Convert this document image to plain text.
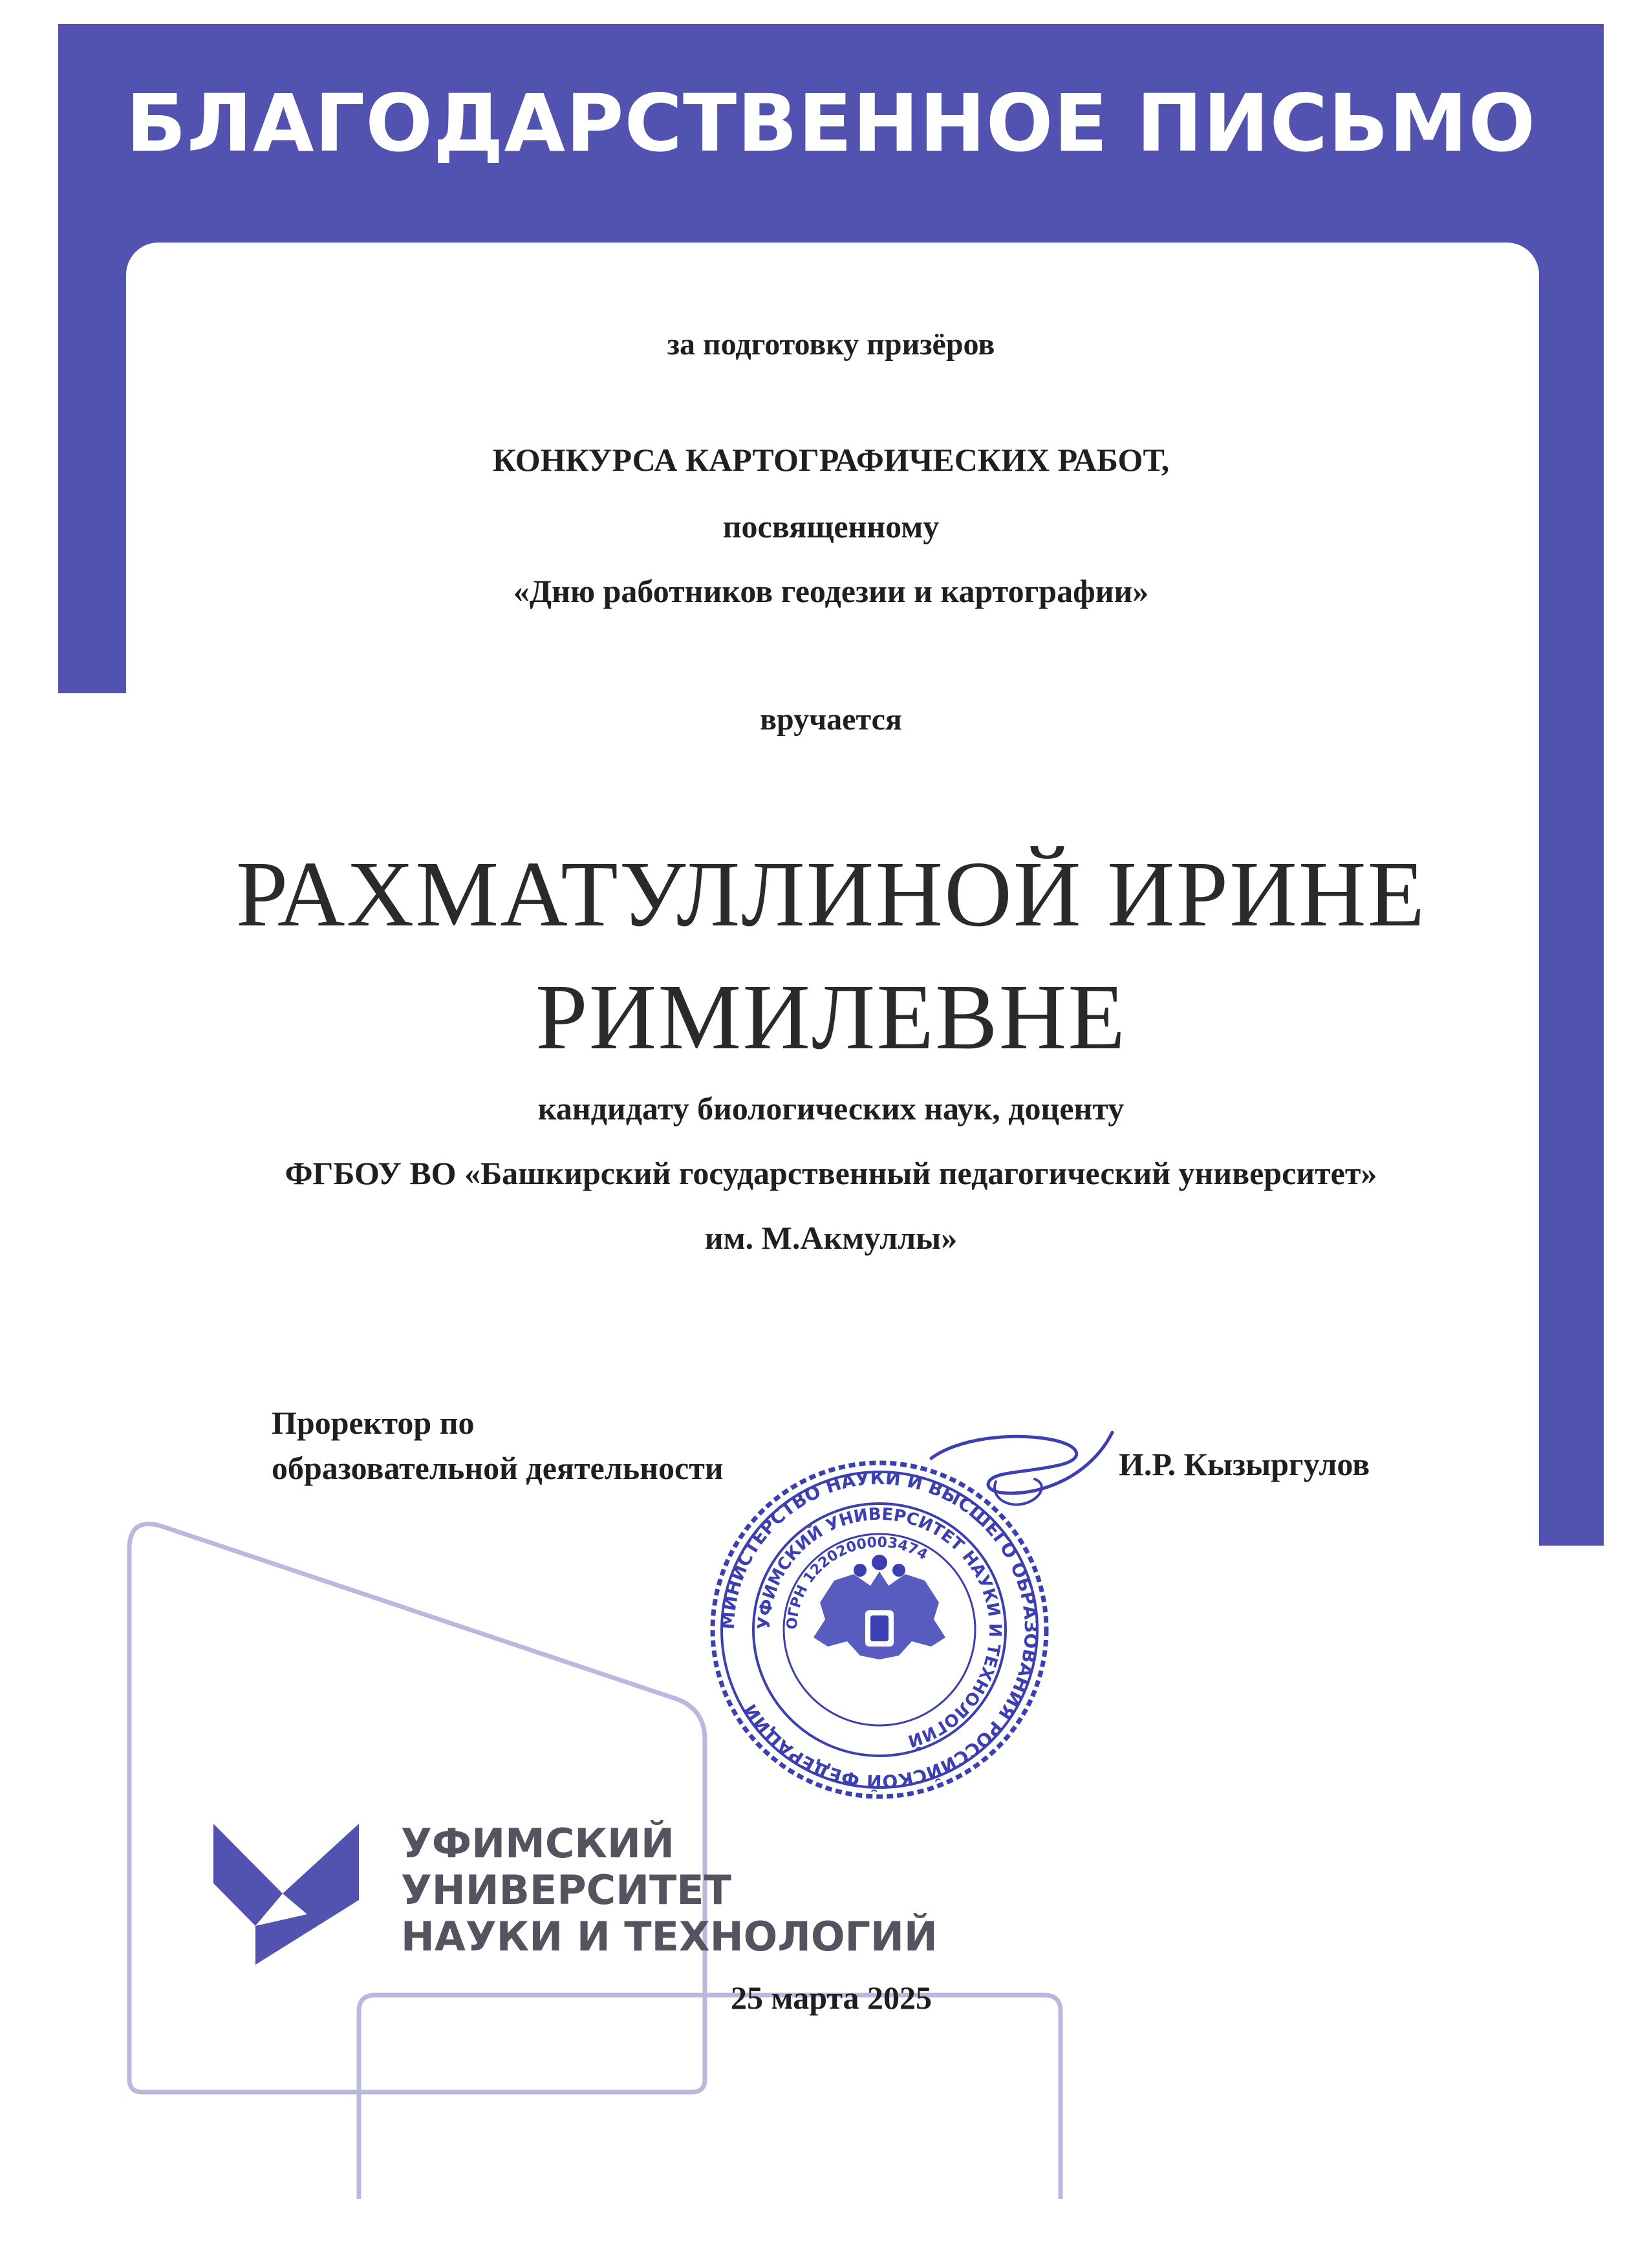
БЛАГОДАРСТВЕННОЕ ПИСЬМО

за подготовку призёров

КОНКУРСА КАРТОГРАФИЧЕСКИХ РАБОТ,

посвященному

«Дню работников геодезии и картографии»

вручается

РАХМАТУЛЛИНОЙ ИРИНЕ

РИМИЛЕВНЕ

кандидату биологических наук, доценту

ФГБОУ ВО «Башкирский государственный педагогический университет»

им. М.Акмуллы»

Проректор по
образовательной деятельности
МИНИСТЕРСТВО НАУКИ И ВЫСШЕГО ОБРАЗОВАНИЯ РОССИЙСКОЙ ФЕДЕРАЦИИ
УФИМСКИЙ УНИВЕРСИТЕТ НАУКИ И ТЕХНОЛОГИЙ
ОГРН 1220200003474

И.Р. Кызыргулов

УФИМСКИЙ
УНИВЕРСИТЕТ
НАУКИ И ТЕХНОЛОГИЙ

25 марта 2025
